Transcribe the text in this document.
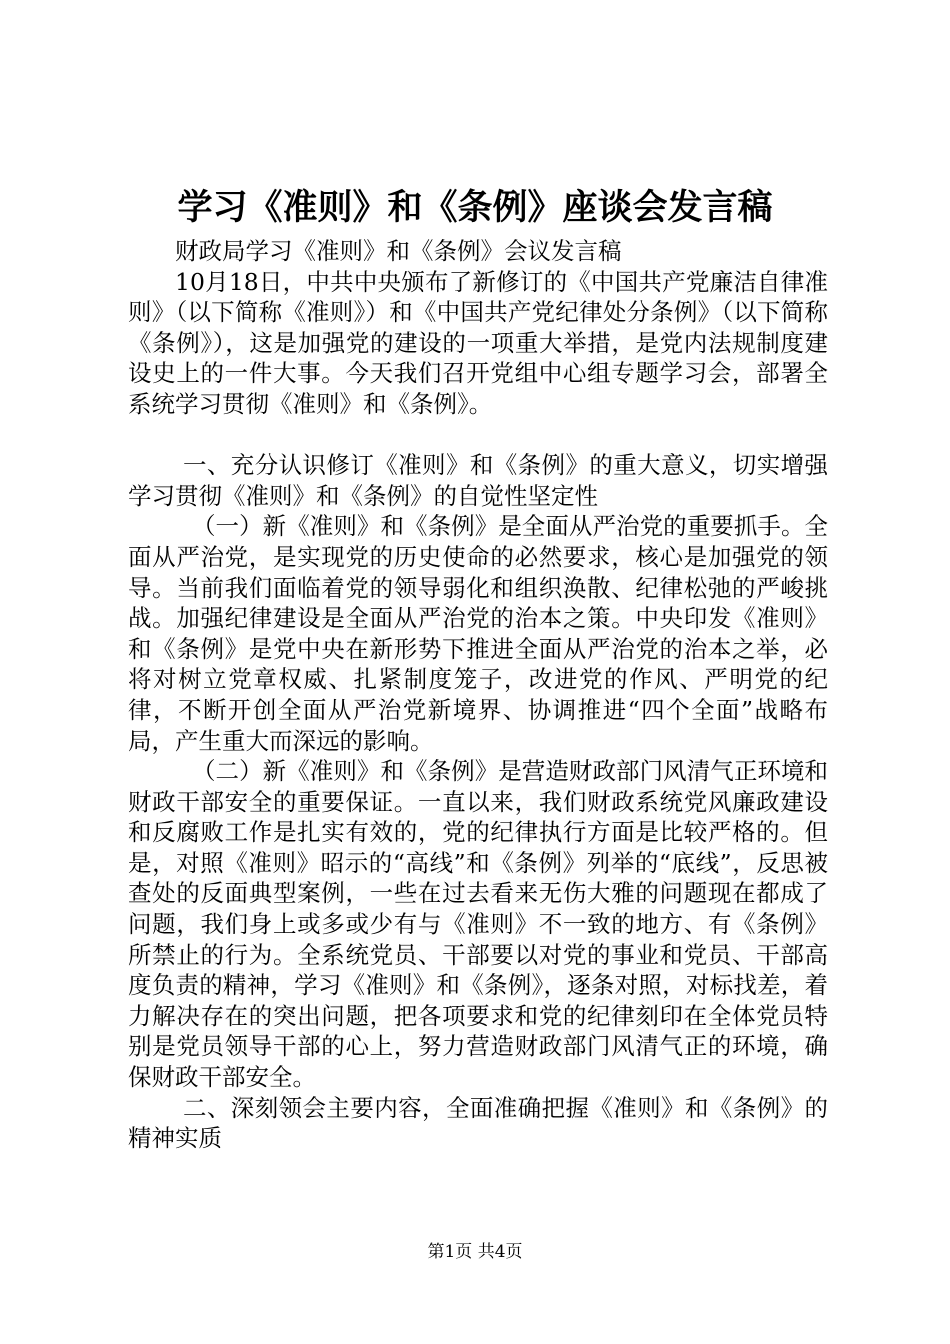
学习《准则》和《条例》座谈会发言稿

财政局学习《准则》和《条例》会议发言稿

10月18日，中共中央颁布了新修订的《中国共产党廉洁自律准则》（以下简称《准则》）和《中国共产党纪律处分条例》（以下简称《条例》），这是加强党的建设的一项重大举措，是党内法规制度建设史上的一件大事。今天我们召开党组中心组专题学习会，部署全系统学习贯彻《准则》和《条例》。

一、充分认识修订《准则》和《条例》的重大意义，切实增强学习贯彻《准则》和《条例》的自觉性坚定性

（一）新《准则》和《条例》是全面从严治党的重要抓手。全面从严治党，是实现党的历史使命的必然要求，核心是加强党的领导。当前我们面临着党的领导弱化和组织涣散、纪律松弛的严峻挑战。加强纪律建设是全面从严治党的治本之策。中央印发《准则》和《条例》是党中央在新形势下推进全面从严治党的治本之举，必将对树立党章权威、扎紧制度笼子，改进党的作风、严明党的纪律，不断开创全面从严治党新境界、协调推进“四个全面”战略布局，产生重大而深远的影响。

（二）新《准则》和《条例》是营造财政部门风清气正环境和财政干部安全的重要保证。一直以来，我们财政系统党风廉政建设和反腐败工作是扎实有效的，党的纪律执行方面是比较严格的。但是，对照《准则》昭示的“高线”和《条例》列举的“底线”，反思被查处的反面典型案例，一些在过去看来无伤大雅的问题现在都成了问题，我们身上或多或少有与《准则》不一致的地方、有《条例》所禁止的行为。全系统党员、干部要以对党的事业和党员、干部高度负责的精神，学习《准则》和《条例》，逐条对照，对标找差，着力解决存在的突出问题，把各项要求和党的纪律刻印在全体党员特别是党员领导干部的心上，努力营造财政部门风清气正的环境，确保财政干部安全。

二、深刻领会主要内容，全面准确把握《准则》和《条例》的精神实质

第1页 共4页
